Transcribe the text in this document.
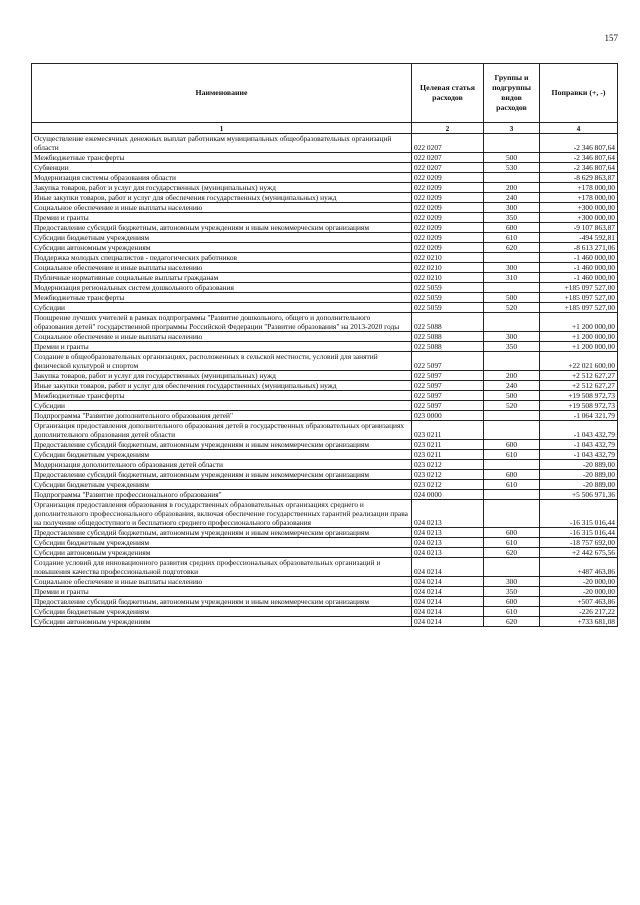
157
Наименование	Целевая статья расходов	Группы и подгруппы видов расходов	Поправки (+, -)
1	2	3	4
Осуществление ежемесячных денежных выплат работникам муниципальных общеобразовательных организаций области	022 0207		-2 346 807,64
Межбюджетные трансферты	022 0207	500	-2 346 807,64
Субвенции	022 0207	530	-2 346 807,64
Модернизация системы образования области	022 0209		-8 629 863,87
Закупка товаров, работ и услуг для государственных (муниципальных) нужд	022 0209	200	+178 000,00
Иные закупки товаров, работ и услуг для обеспечения государственных (муниципальных) нужд	022 0209	240	+178 000,00
Социальное обеспечение и иные выплаты населению	022 0209	300	+300 000,00
Премии и гранты	022 0209	350	+300 000,00
Предоставление субсидий бюджетным, автономным учреждениям и иным некоммерческим организациям	022 0209	600	-9 107 863,87
Субсидии бюджетным учреждениям	022 0209	610	-494 592,81
Субсидии автономным учреждениям	022 0209	620	-8 613 271,06
Поддержка молодых специалистов - педагогических работников	022 0210		-1 460 000,00
Социальное обеспечение и иные выплаты населению	022 0210	300	-1 460 000,00
Публичные нормативные социальные выплаты гражданам	022 0210	310	-1 460 000,00
Модернизация региональных систем дошкольного образования	022 5059		+185 097 527,00
Межбюджетные трансферты	022 5059	500	+185 097 527,00
Субсидии	022 5059	520	+185 097 527,00
Поощрение лучших учителей в рамках подпрограммы "Развитие дошкольного, общего и дополнительного образования детей" государственной программы Российской Федерации "Развитие образования" на 2013-2020 годы	022 5088		+1 200 000,00
Социальное обеспечение и иные выплаты населению	022 5088	300	+1 200 000,00
Премии и гранты	022 5088	350	+1 200 000,00
Создание в общеобразовательных организациях, расположенных в сельской местности, условий для занятий физической культурой и спортом	022 5097		+22 021 600,00
Закупка товаров, работ и услуг для государственных (муниципальных) нужд	022 5097	200	+2 512 627,27
Иные закупки товаров, работ и услуг для обеспечения государственных (муниципальных) нужд	022 5097	240	+2 512 627,27
Межбюджетные трансферты	022 5097	500	+19 508 972,73
Субсидии	022 5097	520	+19 508 972,73
Подпрограмма "Развитие дополнительного образования детей"	023 0000		-1 064 321,79
Организация предоставления дополнительного образования детей в государственных образовательных организациях дополнительного образования детей области	023 0211		-1 043 432,79
Предоставление субсидий бюджетным, автономным учреждениям и иным некоммерческим организациям	023 0211	600	-1 043 432,79
Субсидии бюджетным учреждениям	023 0211	610	-1 043 432,79
Модернизация дополнительного образования детей области	023 0212		-20 889,00
Предоставление субсидий бюджетным, автономным учреждениям и иным некоммерческим организациям	023 0212	600	-20 889,00
Субсидии бюджетным учреждениям	023 0212	610	-20 889,00
Подпрограмма "Развитие профессионального образования"	024 0000		+5 506 971,36
Организация предоставления образования в государственных образовательных организациях среднего и дополнительного профессионального образования, включая обеспечение государственных гарантий реализации права на получение общедоступного и бесплатного среднего профессионального образования	024 0213		-16 315 016,44
Предоставление субсидий бюджетным, автономным учреждениям и иным некоммерческим организациям	024 0213	600	-16 315 016,44
Субсидии бюджетным учреждениям	024 0213	610	-18 757 692,00
Субсидии автономным учреждениям	024 0213	620	+2 442 675,56
Создание условий для инновационного развития средних профессиональных образовательных организаций и повышения качества профессиональной подготовки	024 0214		+487 463,86
Социальное обеспечение и иные выплаты населению	024 0214	300	-20 000,00
Премии и гранты	024 0214	350	-20 000,00
Предоставление субсидий бюджетным, автономным учреждениям и иным некоммерческим организациям	024 0214	600	+507 463,86
Субсидии бюджетным учреждениям	024 0214	610	-226 217,22
Субсидии автономным учреждениям	024 0214	620	+733 681,08
